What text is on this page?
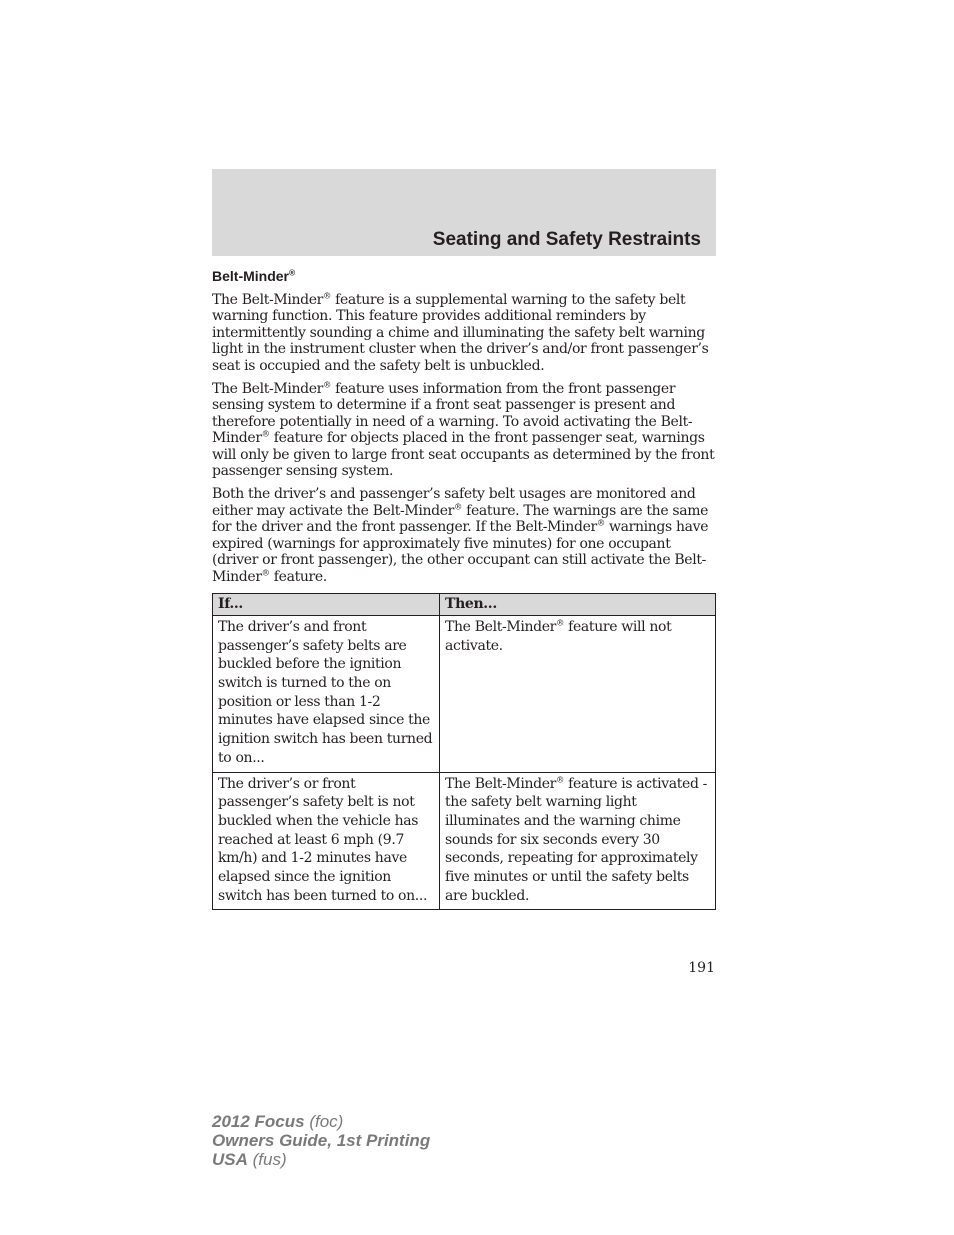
Seating and Safety Restraints
Belt-Minder®

The Belt-Minder® feature is a supplemental warning to the safety belt warning function. This feature provides additional reminders by intermittently sounding a chime and illuminating the safety belt warning light in the instrument cluster when the driver’s and/or front passenger’s seat is occupied and the safety belt is unbuckled.

The Belt-Minder® feature uses information from the front passenger sensing system to determine if a front seat passenger is present and therefore potentially in need of a warning. To avoid activating the Belt-Minder® feature for objects placed in the front passenger seat, warnings will only be given to large front seat occupants as determined by the front passenger sensing system.

Both the driver’s and passenger’s safety belt usages are monitored and either may activate the Belt-Minder® feature. The warnings are the same for the driver and the front passenger. If the Belt-Minder® warnings have expired (warnings for approximately five minutes) for one occupant (driver or front passenger), the other occupant can still activate the Belt-Minder® feature.

If...	Then...
The driver’s and front passenger’s safety belts are buckled before the ignition switch is turned to the on position or less than 1-2 minutes have elapsed since the ignition switch has been turned to on...	The Belt-Minder® feature will not activate.
The driver’s or front passenger’s safety belt is not buckled when the vehicle has reached at least 6 mph (9.7 km/h) and 1-2 minutes have elapsed since the ignition switch has been turned to on...	The Belt-Minder® feature is activated - the safety belt warning light illuminates and the warning chime sounds for six seconds every 30 seconds, repeating for approximately five minutes or until the safety belts are buckled.
191
2012 Focus (foc)
Owners Guide, 1st Printing
USA (fus)
